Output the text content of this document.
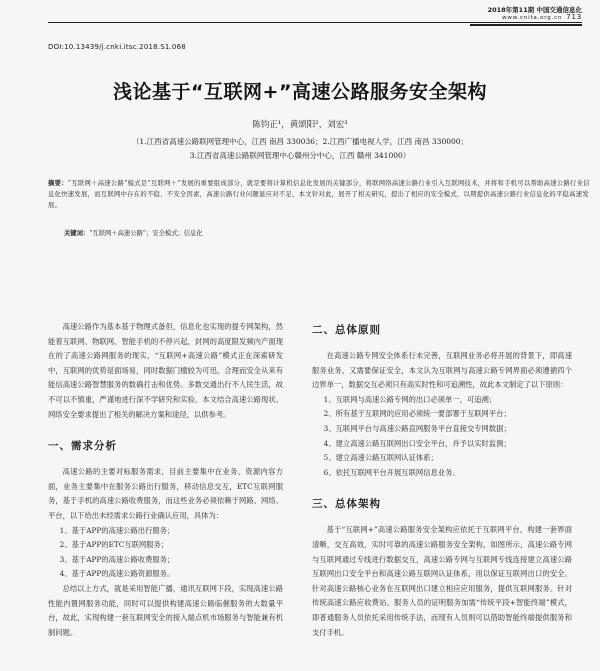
2018年第11期 中国交通信息化
www.cnita.org.cn 713
DOI:10.13439/j.cnki.itsc.2018.S1.068
浅论基于“互联网+”高速公路服务安全架构
陈钧正¹，黄颂阳²，刘宏³
（1.江西省高速公路联网管理中心，江西 南昌 330036；2.江西广播电视人学，江西 南昌 330000；
3.江西省高速公路联网管理中心赣州分中心，江西 赣州 341000）
摘要：“互联网＋高速公路”模式是“互联网＋”发展的重要组成部分，就是要将计算机信息化发展的关键部分，将联网络高速公路行业引入互联网技术，并将和手机可以帮助高速公路行业信息化快速发展，而互联网中存在的不稳、不安全因素，高速公路行业问题显应对不足，本文针对此，展开了相关研究，提出了相应的安全模式，以期提供高速公路行业信息化的平稳高速发展。
关键词：“互联网＋高速公路”；安全模式；信息化

高速公路作为基本基于物理式备但，信息化也实现的提专网架构，然能着互联网、物联网、智能手机的不停兴起，封网的高度限发频内产面现在的了高速公路网服务的现实，“互联网+高速公路”模式正在深索研发中，互联网的优势是面场易，同时数据门槛较为可迅，合理而安全从来有能信高速公路智慧服务的数确打击和优势。多数交通出行不人民生活，故不可以不慎重，严谨地进行深不学研究和实验。本文结合高速公路现状、网络安全要求提出了相关的解决方案和途径，以供参考。

一、需求分析

高速公路的主要对标服务需求，目前主要集中在业务、资源内容方面，业务主要集中在服务公路出行服务，移动信息交互，ETC互联网服务，基于手机的高速公路收费服务，而这些业务必须依赖于网路、网络、平台，以下给出未经需求公路行业确认应用，具体为：

1、基于APP的高速公路出行服务；
2、基于APP的ETC互联网服务；
3、基于APP的高速公路收费服务；
4、基于APP的高速公路资源服务。

总结以上方式，就是采用智能广播，通讯互联网下段，实现高速公路性能内置网服务功能，同时可以提供构建高速公路临催服务的大数量平台，故此，实现构建一套互联网安全的接入端点机市场服务与智能兼有机制问题。

二、总体原则

在高速公路专网安全体系行未完善，互联网业务必将开展的背景下，即高速服务业务、又需要保证安全，本文认为互联网与高速公路专网界面必须遵循四个边界单一，数据交互必须只有高实时性和可追溯性，故此本文制定了以下原则：

1、互联网与高速公路专网的出口必须单一，可追溯；
2、所有基于互联网的应用必须统一要部署于互联网平台；
3、互联网平台与高速公路直网服务平台直接交专网数据；
4、建立高速公路互联网出口安全平台，并予以实时监测；
5、建立高速公路互联网认证体系；
6、依托互联网平台开展互联网信息业务。
三、总体架构

基于“互联网+”高速公路服务安全架构应依托于互联网平台，构建一套界面清晰，交互高效，实时可靠的高速公路服务安全架构，如图所示，高速公路专网与互联网通过专线进行数据交互，高速公路专网与互联网专线连接建立高速公路互联网出口安全平台和高速公路互联网认证体系，用以保证互联网出口的安全，针对高速公路核心业务在互联网出口建立相应应用服务，提供互联网服务。针对传统高速公路应收费站、服务人员的证明服务加需“传统平段+智能终端”模式，即普通服务人员依托采用传统手法，而现有人员则可以借助智能终端提供服务和支付手机。
